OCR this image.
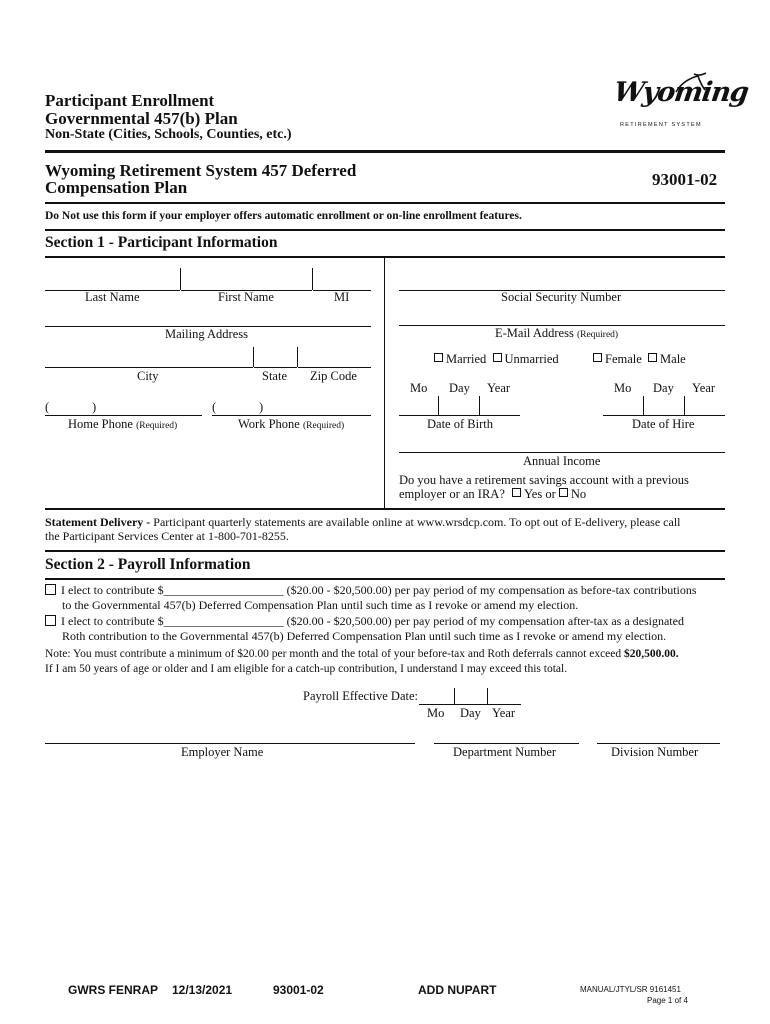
Participant Enrollment
Governmental 457(b) Plan
Non-State (Cities, Schools, Counties, etc.)
Wyoming
RETIREMENT SYSTEM
Wyoming Retirement System 457 Deferred
Compensation Plan	93001-02
Do Not use this form if your employer offers automatic enrollment or on-line enrollment features.
Section 1 - Participant Information
Last Name	First Name	MI
Mailing Address
City	State Zip Code
(	)	(	)
Home Phone (Required)	Work Phone (Required)
Social Security Number
E-Mail Address (Required)
Married Unmarried	Female Male
Mo Day Year
Date of Birth
Mo Day Year
Date of Hire
Annual Income
Do you have a retirement savings account with a previous
employer or an IRA? Yes or No
Statement Delivery - Participant quarterly statements are available online at www.wrsdcp.com. To opt out of E-delivery, please call
the Participant Services Center at 1-800-701-8255.
Section 2 - Payroll Information
I elect to contribute $____________________ ($20.00 - $20,500.00) per pay period of my compensation as before-tax contributions
to the Governmental 457(b) Deferred Compensation Plan until such time as I revoke or amend my election.
I elect to contribute $____________________ ($20.00 - $20,500.00) per pay period of my compensation after-tax as a designated
Roth contribution to the Governmental 457(b) Deferred Compensation Plan until such time as I revoke or amend my election.
Note: You must contribute a minimum of $20.00 per month and the total of your before-tax and Roth deferrals cannot exceed $20,500.00.
If I am 50 years of age or older and I am eligible for a catch-up contribution, I understand I may exceed this total.
Payroll Effective Date:
Mo Day Year
Employer Name	Department Number	Division Number
GWRS FENRAP 12/13/2021	93001-02	ADD NUPART	MANUAL/JTYL/SR 9161451
Page 1 of 4
